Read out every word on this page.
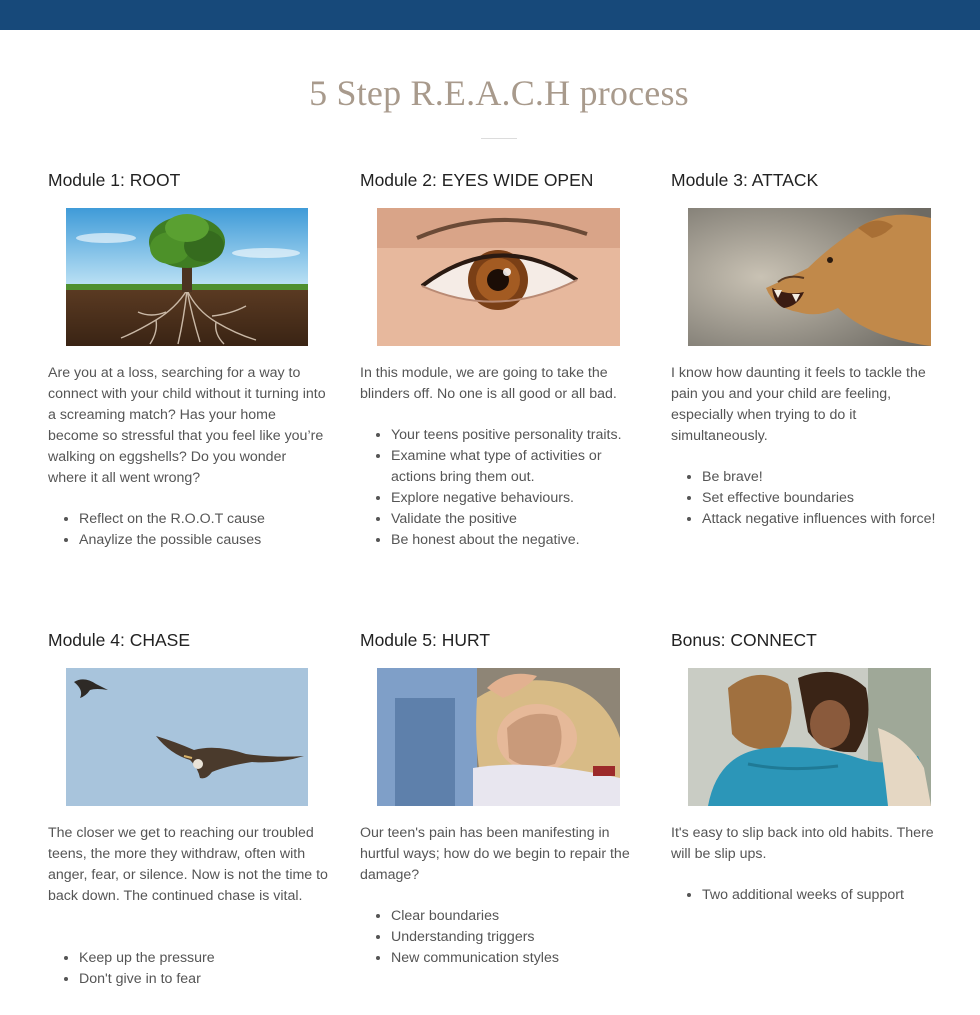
5 Step R.E.A.C.H process
Module 1: ROOT

Are you at a loss, searching for a way to connect with your child without it turning into a screaming match? Has your home become so stressful that you feel like you’re walking on eggshells? Do you wonder where it all went wrong?

• Reflect on the R.O.O.T cause
• Anaylize the possible causes
Module 2: EYES WIDE OPEN

In this module, we are going to take the blinders off. No one is all good or all bad.

• Your teens positive personality traits.
• Examine what type of activities or actions bring them out.
• Explore negative behaviours.
• Validate the positive
• Be honest about the negative.
Module 3: ATTACK

I know how daunting it feels to tackle the pain you and your child are feeling, especially when trying to do it simultaneously.

• Be brave!
• Set effective boundaries
• Attack negative influences with force!
Module 4: CHASE

The closer we get to reaching our troubled teens, the more they withdraw, often with anger, fear, or silence. Now is not the time to back down. The continued chase is vital.

• Keep up the pressure
• Don't give in to fear
Module 5: HURT

Our teen's pain has been manifesting in hurtful ways; how do we begin to repair the damage?

• Clear boundaries
• Understanding triggers
• New communication styles
Bonus: CONNECT

It's easy to slip back into old habits. There will be slip ups.

• Two additional weeks of support
